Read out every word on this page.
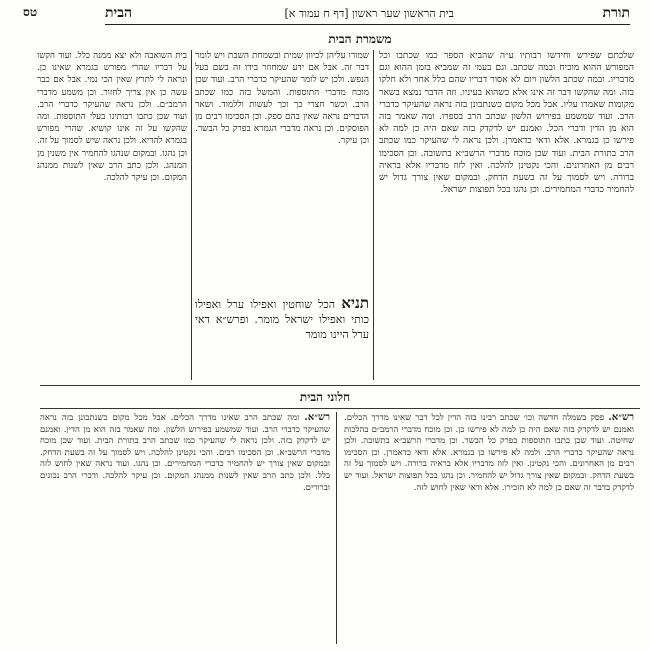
תורת
בית הראשון שער ראשון [דף ח עמוד א]
הבית
טס
משמרת הבית

שלכתם שפירש וחידשו רבותיו ע״ה שהביא הספר כמו שכתבו וכל המפורש ההוא מוכיח ובמה שכתב. וגם בעמ׳ זה שמביא בזמן ההוא וגם מדבריו. ובמה שכתב הלשון ויום לא אסור דבריו שהם כלל אחד ולא חלקו בזה. ומה שהקשו דבר זה אינו אלא כשהוא בעיניו. וזה הדבר נמצא בשאר מקומות שאמרו עליו. אבל מכל מקום כשנתבונן בזה נראה שהעיקר כדברי הרב. ועוד שמשמע בפירוש הלשון שכתב הרב בספרו. ומה שאמר בזה הוא מן הדין ודברי הכל. ואמנם יש לדקדק בזה שאם היה כן למה לא פירשו כן בגמרא. אלא ודאי כדאמרן. ולכן נראה לי שהעיקר כמו שכתב הרב בתורת הבית. ועוד שכן מוכח מדברי הרשב״א בתשובה. וכן הסכימו רבים מן האחרונים. והכי נקטינן להלכה. ואין לזוז מדבריו אלא בראיה ברורה. ויש לסמוך על זה בשעת הדחק. ובמקום שאין צורך גדול יש להחמיר כדברי המחמירים. וכן נהגו בכל תפוצות ישראל.

שמורו עליהן לכיוון שמית ובשמחת השבת ויש לומר דבר זה. אבל אם ידע שמחוזר בידו זה בשם בעל הנפש. ולכן יש לומר שהעיקר כדברי הרב. ועוד שכן מוכח מדברי התוספות. והמשל בזה כמו שכתב הרב. וכשר חצרי כך וכך לעשות וללמוד. ושאר הדברים נראה שאין בהם ספק. וכן הסכימו רבים מן הפוסקים. וכן נראה מדברי הגמרא בפרק כל הבשר. וכן עיקר.

תניא הכל שוחטין ואפילו ערל ואפילו כותי ואפילו ישראל מומר. ופרש״א דאי ערל היינו מומר

בית השואבה ולא יצא ממנה כלל. ועוד הקשו על דבריו שהרי מפורש בגמרא שאינו כן. ונראה לי לתרץ שאין הכי נמי. אבל אם כבר עשה כן אין צריך לחזור. וכן משמע מדברי הרמב״ם. ולכן נראה שהעיקר כדברי הרב. ועוד שכן כתבו רבותינו בעלי התוספות. ומה שהקשו על זה אינו קושיא. שהרי מפורש בגמרא להדיא. ולכן נראה שיש לסמוך על זה. וכן נהגו. ובמקום שנהגו להחמיר אין משנין מן המנהג. ולכן כתב הרב שאין לשנות ממנהג המקום. וכן עיקר להלכה.

חלוני הבית
רש״א. פסק בשמלה חדשה וכו׳ שכתב רבינו בזה הדין לכל דבר שאינו מדרך הכלים. ואמנם יש לדקדק בזה שאם היה כן למה לא פירשו כן. וכן מוכח מדברי הרמב״ם בהלכות שחיטה. ועוד שכן כתבו התוספות בפרק כל הבשר. וכן מדברי הרשב״א בתשובה. ולכן נראה שהעיקר כדברי הרב. ולמה לא פירשו כן בגמרא. אלא ודאי כדאמרן. וכן הסכימו רבים מן האחרונים. והכי נקטינן. ואין לזוז מדבריו אלא בראיה ברורה. ויש לסמוך על זה בשעת הדחק. ובמקום שאין צורך גדול יש להחמיר. וכן נהגו בכל תפוצות ישראל. ועוד יש לדקדק בדבר זה שאם כן למה לא הזכירו. אלא ודאי שאין לחוש לזה.
רש״א. ומה שכתב הרב שאינו מדרך הכלים. אבל מכל מקום כשנתבונן בזה נראה שהעיקר כדברי הרב. ועוד שמשמע בפירוש הלשון. ומה שאמר בזה הוא מן הדין. ואמנם יש לדקדק בזה. ולכן נראה לי שהעיקר כמו שכתב הרב בתורת הבית. ועוד שכן מוכח מדברי הרשב״א. וכן הסכימו רבים. והכי נקטינן להלכה. ויש לסמוך על זה בשעת הדחק. ובמקום שאין צורך יש להחמיר כדברי המחמירים. וכן נהגו. ועוד נראה שאין לחוש לזה כלל. ולכן כתב הרב שאין לשנות ממנהג המקום. וכן עיקר להלכה. ודברי הרב נכונים וברורים.
